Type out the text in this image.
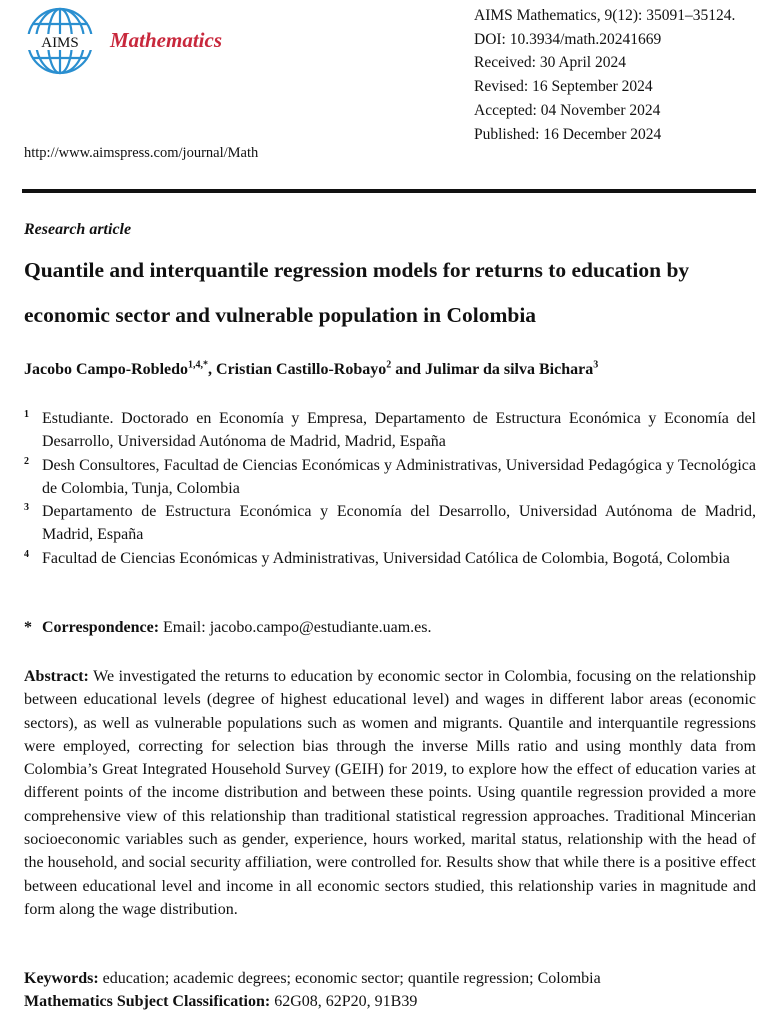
AIMS Mathematics
AIMS Mathematics, 9(12): 35091–35124.
DOI: 10.3934/math.20241669
Received: 30 April 2024
Revised: 16 September 2024
Accepted: 04 November 2024
Published: 16 December 2024
http://www.aimspress.com/journal/Math
Research article
Quantile and interquantile regression models for returns to education by economic sector and vulnerable population in Colombia
Jacobo Campo-Robledo$^{1,4,*}$, Cristian Castillo-Robayo$^2$ and Julimar da silva Bichara$^3$
1 Estudiante. Doctorado en Economía y Empresa, Departamento de Estructura Económica y Economía del Desarrollo, Universidad Autónoma de Madrid, Madrid, España
2 Desh Consultores, Facultad de Ciencias Económicas y Administrativas, Universidad Pedagógica y Tecnológica de Colombia, Tunja, Colombia
3 Departamento de Estructura Económica y Economía del Desarrollo, Universidad Autónoma de Madrid, Madrid, España
4 Facultad de Ciencias Económicas y Administrativas, Universidad Católica de Colombia, Bogotá, Colombia
* Correspondence: Email: jacobo.campo@estudiante.uam.es.
Abstract: We investigated the returns to education by economic sector in Colombia, focusing on the relationship between educational levels (degree of highest educational level) and wages in different labor areas (economic sectors), as well as vulnerable populations such as women and migrants. Quantile and interquantile regressions were employed, correcting for selection bias through the inverse Mills ratio and using monthly data from Colombia’s Great Integrated Household Survey (GEIH) for 2019, to explore how the effect of education varies at different points of the income distribution and between these points. Using quantile regression provided a more comprehensive view of this relationship than traditional statistical regression approaches. Traditional Mincerian socioeconomic variables such as gender, experience, hours worked, marital status, relationship with the head of the household, and social security affiliation, were controlled for. Results show that while there is a positive effect between educational level and income in all economic sectors studied, this relationship varies in magnitude and form along the wage distribution.
Keywords: education; academic degrees; economic sector; quantile regression; Colombia
Mathematics Subject Classification: 62G08, 62P20, 91B39
